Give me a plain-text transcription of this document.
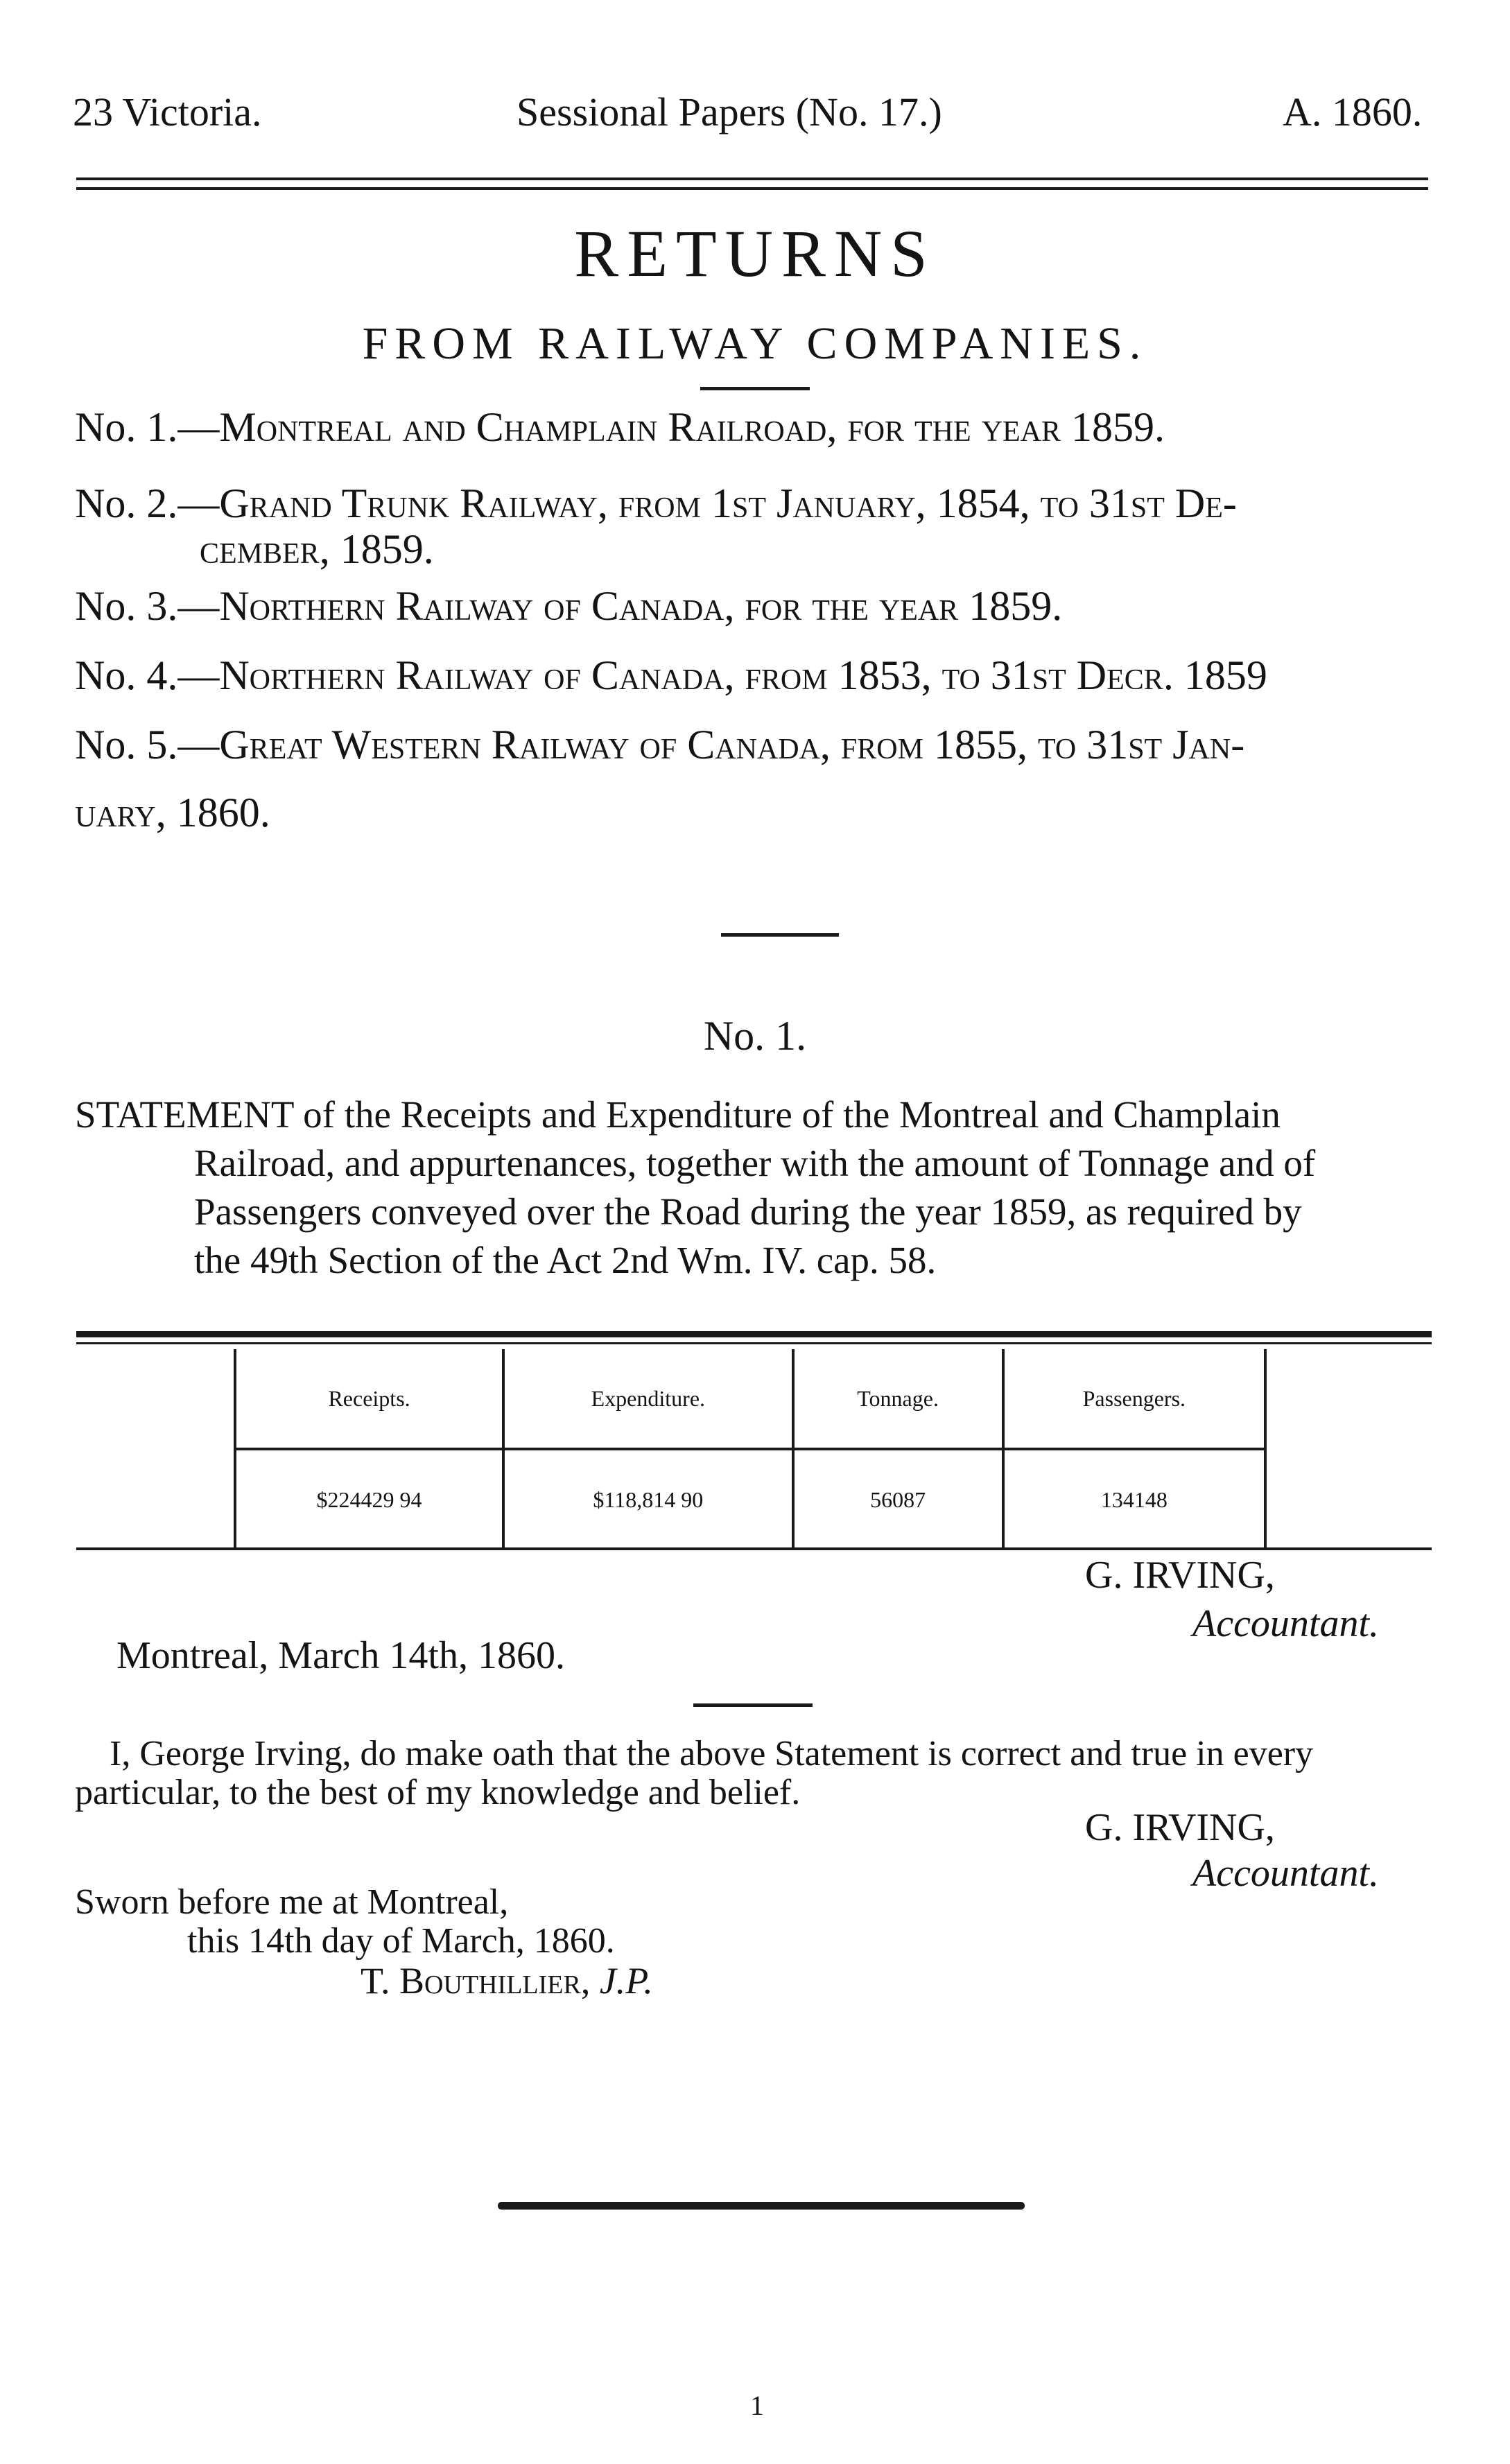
23 Victoria.	Sessional Papers (No. 17.)	A. 1860.
RETURNS
FROM RAILWAY COMPANIES.
No. 1.—Montreal and Champlain Railroad, for the year 1859.
No. 2.—Grand Trunk Railway, from 1st January, 1854, to 31st De-
cember, 1859.
No. 3.—Northern Railway of Canada, for the year 1859.
No. 4.—Northern Railway of Canada, from 1853, to 31st Decr. 1859
No. 5.—Great Western Railway of Canada, from 1855, to 31st Jan-
uary, 1860.
No. 1.
STATEMENT of the Receipts and Expenditure of the Montreal and Champlain
Railroad, and appurtenances, together with the amount of Tonnage and of
Passengers conveyed over the Road during the year 1859, as required by
the 49th Section of the Act 2nd Wm. IV. cap. 58.
Receipts.	Expenditure.	Tonnage.	Passengers.
$224429 94	$118,814 90	56087	134148
G. IRVING,
Accountant.
Montreal, March 14th, 1860.
I, George Irving, do make oath that the above Statement is correct and true in every
particular, to the best of my knowledge and belief.
G. IRVING,
Accountant.
Sworn before me at Montreal,
this 14th day of March, 1860.
T. Bouthillier, J.P.
1
